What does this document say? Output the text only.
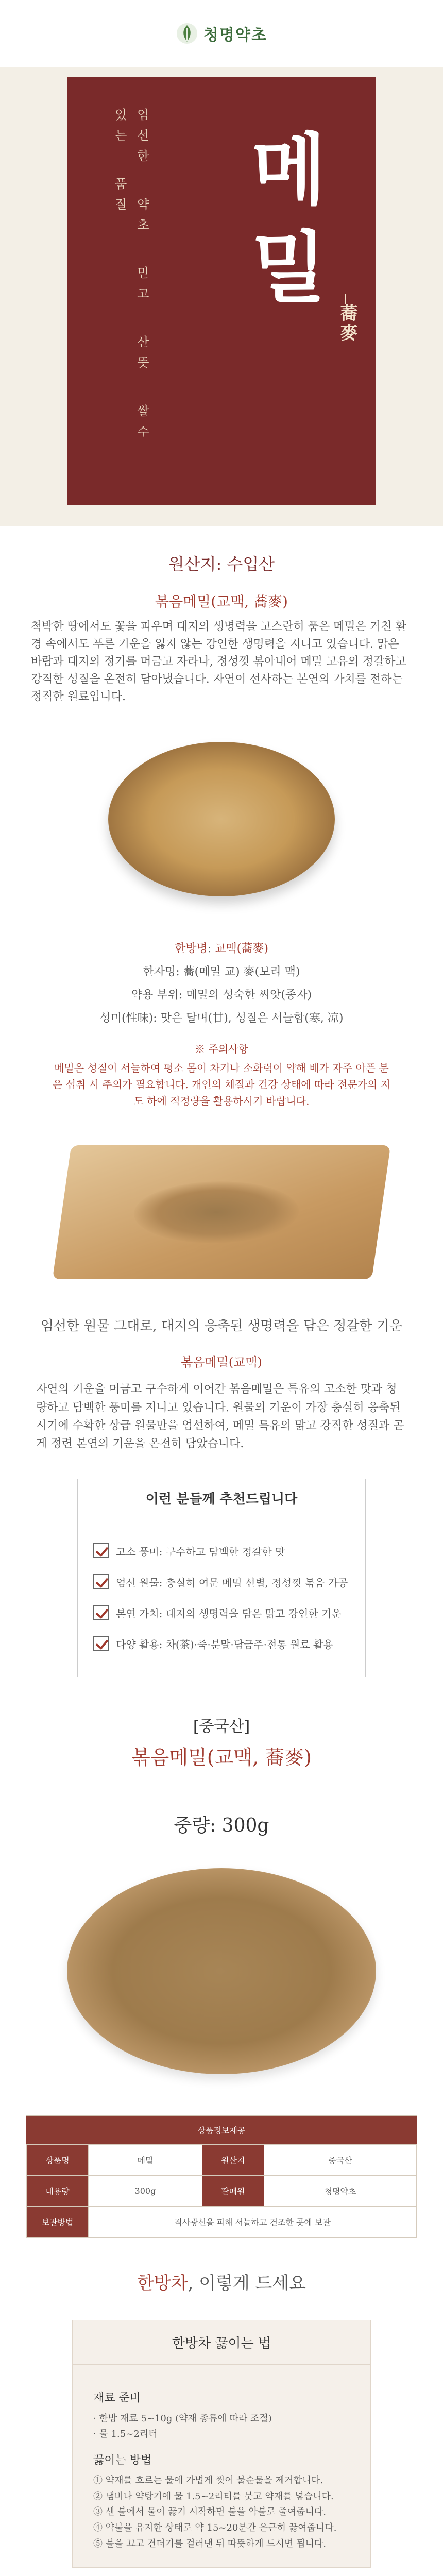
청명약초
엄선한 약초 믿고 산뜻 쌀수 있는 품질	메밀 蕎麥
원산지: 수입산
볶음메밀(교맥, 蕎麥)

척박한 땅에서도 꽃을 피우며 대지의 생명력을 고스란히 품은 메밀은 거친 환경 속에서도 푸른 기운을 잃지 않는 강인한 생명력을 지니고 있습니다. 맑은 바람과 대지의 정기를 머금고 자라나, 정성껏 볶아내어 메밀 고유의 정갈하고 강직한 성질을 온전히 담아냈습니다. 자연이 선사하는 본연의 가치를 전하는 정직한 원료입니다.

한방명: 교맥(蕎麥)
한자명: 蕎(메밀 교) 麥(보리 맥)
약용 부위: 메밀의 성숙한 씨앗(종자)
성미(性味): 맛은 달며(甘), 성질은 서늘함(寒, 凉)
※ 주의사항

메밀은 성질이 서늘하여 평소 몸이 차거나 소화력이 약해 배가 자주 아픈 분은 섭취 시 주의가 필요합니다. 개인의 체질과 건강 상태에 따라 전문가의 지도 하에 적정량을 활용하시기 바랍니다.

엄선한 원물 그대로, 대지의 응축된 생명력을 담은 정갈한 기운
볶음메밀(교맥)

자연의 기운을 머금고 구수하게 이어간 볶음메밀은 특유의 고소한 맛과 청량하고 담백한 풍미를 지니고 있습니다. 원물의 기운이 가장 충실히 응축된 시기에 수확한 상급 원물만을 엄선하여, 메밀 특유의 맑고 강직한 성질과 곧게 정련 본연의 기운을 온전히 담았습니다.

이런 분들께 추천드립니다
고소 풍미: 구수하고 담백한 정갈한 맛
엄선 원물: 충실히 여문 메밀 선별, 정성껏 볶음 가공
본연 가치: 대지의 생명력을 담은 맑고 강인한 기운
다양 활용: 차(茶)·죽·분말·담금주·전통 원료 활용
[중국산]
볶음메밀(교맥, 蕎麥)
중량: 300g
상품정보제공
상품명	메밀	원산지	중국산
내용량	300g	판매원	청명약초
보관방법	직사광선을 피해 서늘하고 건조한 곳에 보관		
한방차, 이렇게 드세요
한방차 끓이는 법
재료 준비
· 한방 재료 5~10g (약재 종류에 따라 조절)
· 물 1.5~2리터
끓이는 방법
① 약재를 흐르는 물에 가볍게 씻어 불순물을 제거합니다.
② 냄비나 약탕기에 물 1.5~2리터를 붓고 약재를 넣습니다.
③ 센 불에서 물이 끓기 시작하면 불을 약불로 줄여줍니다.
④ 약불을 유지한 상태로 약 15~20분간 은근히 끓여줍니다.
⑤ 불을 끄고 건더기를 걸러낸 뒤 따뜻하게 드시면 됩니다.
